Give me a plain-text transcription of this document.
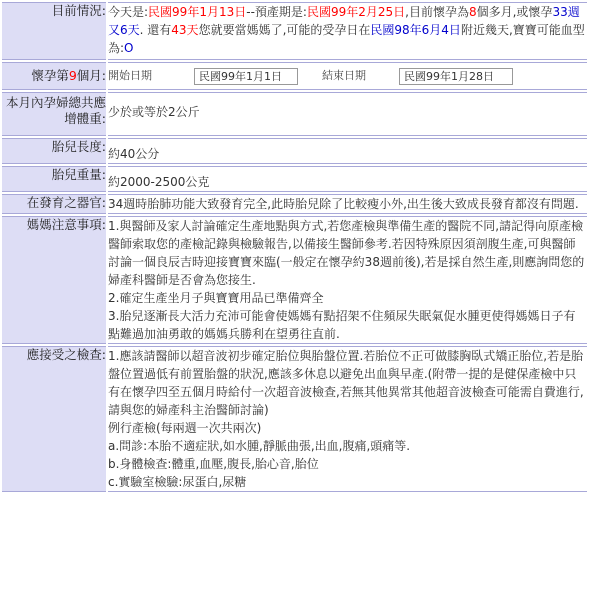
目前情況:	今天是:民國99年1月13日--預產期是:民國99年2月25日,目前懷孕為8個多月,或懷孕33週又6天. 還有43天您就要當媽媽了,可能的受孕日在民國98年6月4日附近幾天,寶寶可能血型為:O
懷孕第9個月:	開始日期 民國99年1月1日 結束日期 民國99年1月28日

本月內孕婦總共應增體重:	少於或等於2公斤
胎兒長度:	約40公分
胎兒重量:	約2000-2500公克
在發育之器官:	34週時胎肺功能大致發育完全,此時胎兒除了比較瘦小外,出生後大致成長發育都沒有問題.
媽媽注意事項:	1.與醫師及家人討論確定生產地點與方式,若您產檢與準備生產的醫院不同,請記得向原產檢醫師索取您的產檢記錄與檢驗報告,以備接生醫師參考.若因特殊原因須剖腹生產,可與醫師討論一個良辰吉時迎接寶寶來臨(一般定在懷孕約38週前後),若是採自然生產,則應詢問您的婦產科醫師是否會為您接生.
2.確定生產坐月子與寶寶用品已準備齊全
3.胎兒逐漸長大活力充沛可能會使媽媽有點招架不住頻尿失眠氣促水腫更使得媽媽日子有點難過加油勇敢的媽媽兵勝利在望勇往直前.

應接受之檢查:	1.應該請醫師以超音波初步確定胎位與胎盤位置.若胎位不正可做膝胸臥式矯正胎位,若是胎盤位置過低有前置胎盤的狀況,應該多休息以避免出血與早產.(附帶一提的是健保產檢中只有在懷孕四至五個月時給付一次超音波檢查,若無其他異常其他超音波檢查可能需自費進行,請與您的婦產科主治醫師討論)
例行產檢(每兩週一次共兩次)
a.問診:本胎不適症狀,如水腫,靜脈曲張,出血,腹痛,頭痛等.
b.身體檢查:體重,血壓,腹長,胎心音,胎位
c.實驗室檢驗:尿蛋白,尿糖
